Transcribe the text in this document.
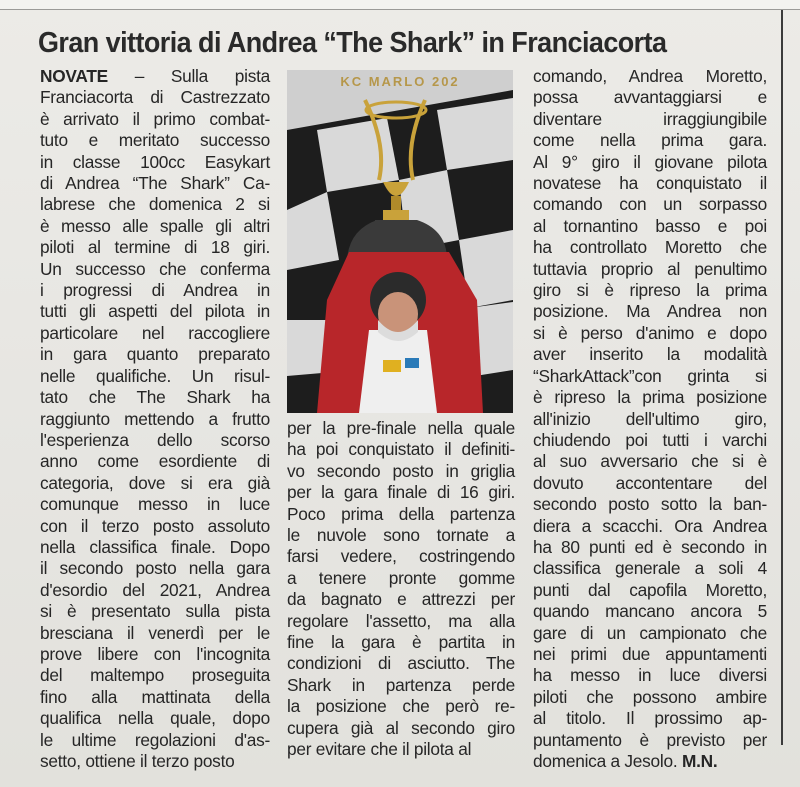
Gran vittoria di Andrea “The Shark” in Franciacorta

NOVATE – Sulla pista

Franciacorta di Castrezzato

è arrivato il primo combat-

tuto e meritato successo

in classe 100cc Easykart

di Andrea “The Shark” Ca-

labrese che domenica 2 si

è messo alle spalle gli altri

piloti al termine di 18 giri.

Un successo che conferma

i progressi di Andrea in

tutti gli aspetti del pilota in

particolare nel raccogliere

in gara quanto preparato

nelle qualifiche. Un risul-

tato che The Shark ha

raggiunto mettendo a frutto

l'esperienza dello scorso

anno come esordiente di

categoria, dove si era già

comunque messo in luce

con il terzo posto assoluto

nella classifica finale. Dopo

il secondo posto nella gara

d'esordio del 2021, Andrea

si è presentato sulla pista

bresciana il venerdì per le

prove libere con l'incognita

del maltempo proseguita

fino alla mattinata della

qualifica nella quale, dopo

le ultime regolazioni d'as-

setto, ottiene il terzo posto

KC MARLO 202

per la pre-finale nella quale

ha poi conquistato il definiti-

vo secondo posto in griglia

per la gara finale di 16 giri.

Poco prima della partenza

le nuvole sono tornate a

farsi vedere, costringendo

a tenere pronte gomme

da bagnato e attrezzi per

regolare l'assetto, ma alla

fine la gara è partita in

condizioni di asciutto. The

Shark in partenza perde

la posizione che però re-

cupera già al secondo giro

per evitare che il pilota al

comando, Andrea Moretto,

possa avvantaggiarsi e

diventare irraggiungibile

come nella prima gara.

Al 9° giro il giovane pilota

novatese ha conquistato il

comando con un sorpasso

al tornantino basso e poi

ha controllato Moretto che

tuttavia proprio al penultimo

giro si è ripreso la prima

posizione. Ma Andrea non

si è perso d'animo e dopo

aver inserito la modalità

“SharkAttack”con grinta si

è ripreso la prima posizione

all'inizio dell'ultimo giro,

chiudendo poi tutti i varchi

al suo avversario che si è

dovuto accontentare del

secondo posto sotto la ban-

diera a scacchi. Ora Andrea

ha 80 punti ed è secondo in

classifica generale a soli 4

punti dal capofila Moretto,

quando mancano ancora 5

gare di un campionato che

nei primi due appuntamenti

ha messo in luce diversi

piloti che possono ambire

al titolo. Il prossimo ap-

puntamento è previsto per

domenica a Jesolo. M.N.
